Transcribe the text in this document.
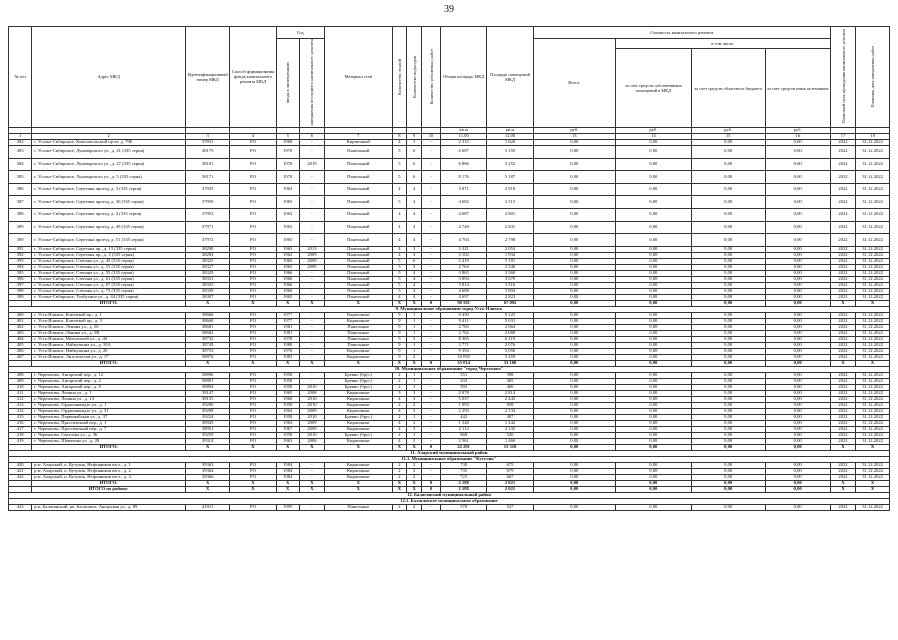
39
№ п/п	Адрес МКД	Идентификационный номер МКД	Способ формирования фонда капитального ремонта МКД	Год		Материал стен	Количество этажей	Количество подъездов	Количество ремонтных работ	Общая площадь МКД	Площадь помещений МКД	Стоимость капитального ремонта				Плановый срок проведения капитального ремонта	Плановая дата завершения работ
				ввода в эксплуатацию	завершения последнего капитального ремонта							Всего:	в том числе:				
													за счет средств собственников помещений в МКД	за счет средств областного бюджета	за счет средств иных источников		
										кв.м	кв.м	руб.	руб.	руб.	руб.		
1	2	3	4	5	6	7	8	9	10	11,00	12,00	13	14	15	16	17	18
382	г. Усолье-Сибирское, Комсомольский пр-кт, д. 79Б	37831	РО	1968	-	Кирпичный	4	3	-	2 315	1 820	0,00	0,00	0,00	0,00	2022	31.12.2022
383	г. Усолье-Сибирское, Луначарского ул., д. 21 (335 серия)	38179	РО	1970	-	Панельный	5	6	-	6 687	5 159	0,00	0,00	0,00	0,00	2022	31.12.2022
384	г. Усолье-Сибирское, Луначарского ул., д. 27 (335 серия)	38181	РО	1970	2019	Панельный	5	6	-	6 866	5 252	0,00	0,00	0,00	0,00	2022	31.12.2022
385	г. Усолье-Сибирское, Луначарского ул., д. 5 (335 серия)	38171	РО	1970	-	Панельный	5	6	-	8 176	5 187	0,00	0,00	0,00	0,00	2022	31.12.2022
386	г. Усолье-Сибирское, Серегина проезд, д. 3 (335 серия)	37933	РО	1963	-	Панельный	4	4	-	4 871	2 918	0,00	0,00	0,00	0,00	2022	31.12.2022
387	г. Усолье-Сибирское, Серегина проезд, д. 30 (335 серия)	37959	РО	1965	-	Панельный	5	4	-	4 682	3 515	0,00	0,00	0,00	0,00	2022	31.12.2022
388	г. Усолье-Сибирское, Серегина проезд, д. 4 (335 серия)	37953	РО	1962	-	Панельный	4	4	-	4 687	2 801	0,00	0,00	0,00	0,00	2022	31.12.2022
389	г. Усолье-Сибирское, Серегина проезд, д. 49 (335 серия)	37971	РО	1965	-	Панельный	4	4	-	4 748	2 841	0,00	0,00	0,00	0,00	2022	31.12.2022
390	г. Усолье-Сибирское, Серегина проезд, д. 51 (335 серия)	37972	РО	1965	-	Панельный	4	4	-	4 704	2 798	0,00	0,00	0,00	0,00	2022	31.12.2022
391	г. Усолье-Сибирское, Серегина пр., д. 13 (335 серия)	38298	РО	1963	2013	Панельный	4	3	-	3 321	2 054	0,00	0,00	0,00	0,00	2022	31.12.2022
392	г. Усолье-Сибирское, Серегина пр., д. 3 (335 серия)	38284	РО	1962	2009	Панельный	4	3	-	3 102	1 934	0,00	0,00	0,00	0,00	2022	31.12.2022
393	г. Усолье-Сибирское, Степана ул., д. 45 (335 серия)	38325	РО	1965	2009	Панельный	5	6	-	5 419	5 191	0,00	0,00	0,00	0,00	2022	31.12.2022
394	г. Усолье-Сибирское, Степана ул., д. 51 (335 серия)	38327	РО	1965	2009	Панельный	5	3	-	2 764	2 540	0,00	0,00	0,00	0,00	2022	31.12.2022
395	г. Усолье-Сибирское, Степана ул., д. 55 (335 серия)	38329	РО	1966	-	Панельный	5	4	-	3 865	3 560	0,00	0,00	0,00	0,00	2022	31.12.2022
396	г. Усолье-Сибирское, Степана ул., д. 61 (335 серия)	38331	РО	1966	-	Панельный	5	4	-	3 894	3 679	0,00	0,00	0,00	0,00	2022	31.12.2022
397	г. Усолье-Сибирское, Степана ул., д. 67 (335 серия)	38335	РО	1966	-	Панельный	5	4	-	3 814	3 516	0,00	0,00	0,00	0,00	2022	31.12.2022
398	г. Усолье-Сибирское, Степана ул., д. 73 (335 серия)	38339	РО	1966	-	Панельный	5	4	-	4 688	3 804	0,00	0,00	0,00	0,00	2022	31.12.2022
399	г. Усолье-Сибирское, Толбухина ул., д. 44 (335 серия)	38397	РО	1965	-	Панельный	4	4	-	4 697	2 823	0,00	0,00	0,00	0,00	2022	31.12.2022
	ИТОГО:	X	X	X	X	X	X	X	0	90 581	67 092	0,00	0,00	0,00	0,00	X	X
9. Муниципальное образование город Усть-Илимск																	
400	г. Усть-Илимск, Ключевой пр., д. 1	38666	РО	1977	-	Кирпичные	9	1	-	9 450	5 125	0,00	0,00	0,00	0,00	2022	31.12.2022
401	г. Усть-Илимск, Ключевой пр., д. 3	38668	РО	1977	-	Кирпичные	9	1	-	9 411	5 031	0,00	0,00	0,00	0,00	2022	31.12.2022
402	г. Усть-Илимск, Ленина ул., д. 56	38681	РО	1981	-	Панельные	9	1	-	2 765	2 064	0,00	0,00	0,00	0,00	2022	31.12.2022
403	г. Усть-Илимск, Ленина ул., д. 5В	38682	РО	1981	-	Панельные	9	1	-	2 762	2 080	0,00	0,00	0,00	0,00	2022	31.12.2022
404	г. Усть-Илимск, Мечтателей ул., д. 40	38732	РО	1978	-	Панельные	5	3	-	8 365	6 219	0,00	0,00	0,00	0,00	2022	31.12.2022
405	г. Усть-Илимск, Наймушина ул., д. 10А	38749	РО	1980	-	Панельные	9	1	-	2 771	2 076	0,00	0,00	0,00	0,00	2022	31.12.2022
406	г. Усть-Илимск, Наймушина ул., д. 20	38753	РО	1976	-	Кирпичные	9	1	-	9 394	5 056	0,00	0,00	0,00	0,00	2022	31.12.2022
407	г. Усть-Илимск, Энтузиастов ул., д. 17	38876	РО	1983	-	Кирпичные	9	2	-	10 095	5 459	0,00	0,00	0,00	0,00	2022	31.12.2022
	ИТОГО:	X	X	X	X	X	X	X	0	55 014	33 108	0,00	0,00	0,00	0,00	X	X
10. Муниципальное образование "город Черемхово"																	
408	г. Черемхово, Ангарский пер., д. 12	38896	РО	1958	-	Бревно (брус)	2	1	-	551	398	0,00	0,00	0,00	0,00	2022	31.12.2022
409	г. Черемхово, Ангарский пер., д. 2	38891	РО	1958	-	Бревно (брус)	2	1	-	433	405	0,00	0,00	0,00	0,00	2022	31.12.2022
410	г. Черемхово, Ангарский пер., д. 8	38894	РО	1958	2010	Бревно (брус)	2	1	-	593	406	0,00	0,00	0,00	0,00	2022	31.12.2022
411	г. Черемхово, Ленина ул., д. 1	39147	РО	1965	2008	Кирпичные	3	3	-	2 078	2 814	0,00	0,00	0,00	0,00	2022	31.12.2022
412	г. Черемхово, Ленина ул., д. 13	39155	РО	1960	2010	Кирпичные	4	3	-	5 037	2 445	0,00	0,00	0,00	0,00	2022	31.12.2022
413	г. Черемхово, Орджоникидзе ул., д. 1	39200	РО	1959	2010	Кирпичные	2	2	-	1 093	858	0,00	0,00	0,00	0,00	2022	31.12.2022
414	г. Черемхово, Орджоникидзе ул., д. 31	39208	РО	1964	2009	Кирпичные	4	3	-	2 293	2 134	0,00	0,00	0,00	0,00	2022	31.12.2022
415	г. Черемхово, Первомайская ул., д. 37	39224	РО	1958	2010	Бревно (брус)	2	1	-	442	407	0,00	0,00	0,00	0,00	2022	31.12.2022
416	г. Черемхово, Проспектный пер., д. 1	38945	РО	1963	2009	Кирпичные	4	2	-	1 348	1 242	0,00	0,00	0,00	0,00	2022	31.12.2022
417	г. Черемхово, Проспектный пер., д. 7	38951	РО	1967	2009	Кирпичные	4	3	-	2 112	2 235	0,00	0,00	0,00	0,00	2022	31.12.2022
418	г. Черемхово, Светлова ул., д. 36	39259	РО	1958	2010	Бревно (брус)	2	1	-	868	520	0,00	0,00	0,00	0,00	2022	31.12.2022
419	г. Черемхово, Шевченко ул., д. 28	39314	РО	1963	2006	Кирпичные	4	3	-	2 561	1 466	0,00	0,00	0,00	0,00	2022	31.12.2022
	ИТОГО:	X	X	X	X	X	X	X	0	22 291	15 310	0,00	0,00	0,00	0,00	X	X
11. Аларский муниципальный район																	
11.1. Муниципальное образование "Кутулик"																	
420	р-н. Аларский, п. Кутулик, Нефтяников кв-л., д. 1	39363	РО	1984	-	Кирпичные	2	2	-	730	675	0,00	0,00	0,00	0,00	2022	31.12.2022
421	р-н. Аларский, п. Кутулик, Нефтяников кв-л., д. 2	39364	РО	1984	-	Кирпичные	2	2	-	735	679	0,00	0,00	0,00	0,00	2022	31.12.2022
422	р-н. Аларский, п. Кутулик, Нефтяников кв-л., д. 4	39366	РО	1984	-	Кирпичные	2	2	-	723	667	0,00	0,00	0,00	0,00	2022	31.12.2022
	ИТОГО:	X	X	X	X	X	X	X	0	2 188	2 021	0,00	0,00	0,00	0,00	X	X
	ИТОГО по району:	X	X	X	X	X	X	X	0	2 188	2 021	0,00	0,00	0,00	0,00	X	X
12. Балаганский муниципальный район																	
12.1. Балаганское муниципальное образование																	
423	р-н. Балаганский, рп. Балаганск, Ангарская ул., д. 89	41011	РО	1995	-	Панельные	2	2	-	570	527	0,00	0,00	0,00	0,00	2022	31.12.2022
